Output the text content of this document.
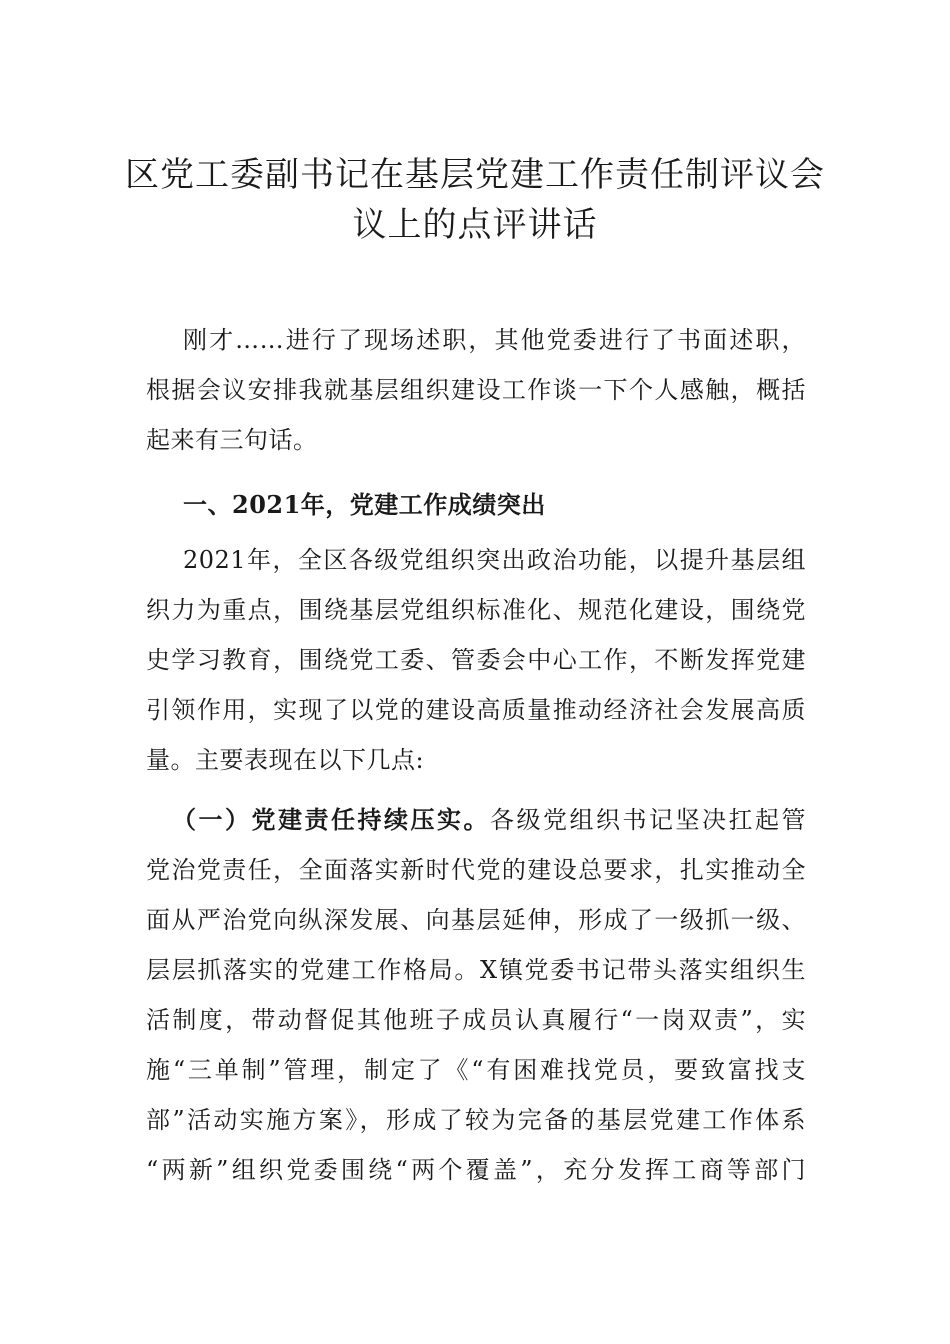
区党工委副书记在基层党建工作责任制评议会
议上的点评讲话
刚才……进行了现场述职，其他党委进行了书面述职，
根据会议安排我就基层组织建设工作谈一下个人感触，概括
起来有三句话。
一、2021年，党建工作成绩突出
2021年，全区各级党组织突出政治功能，以提升基层组
织力为重点，围绕基层党组织标准化、规范化建设，围绕党
史学习教育，围绕党工委、管委会中心工作，不断发挥党建
引领作用，实现了以党的建设高质量推动经济社会发展高质
量。主要表现在以下几点:
（一）党建责任持续压实。各级党组织书记坚决扛起管
党治党责任，全面落实新时代党的建设总要求，扎实推动全
面从严治党向纵深发展、向基层延伸，形成了一级抓一级、
层层抓落实的党建工作格局。X镇党委书记带头落实组织生
活制度，带动督促其他班子成员认真履行“一岗双责”，实
施“三单制”管理，制定了《“有困难找党员，要致富找支
部”活动实施方案》，形成了较为完备的基层党建工作体系
“两新”组织党委围绕“两个覆盖”，充分发挥工商等部门
